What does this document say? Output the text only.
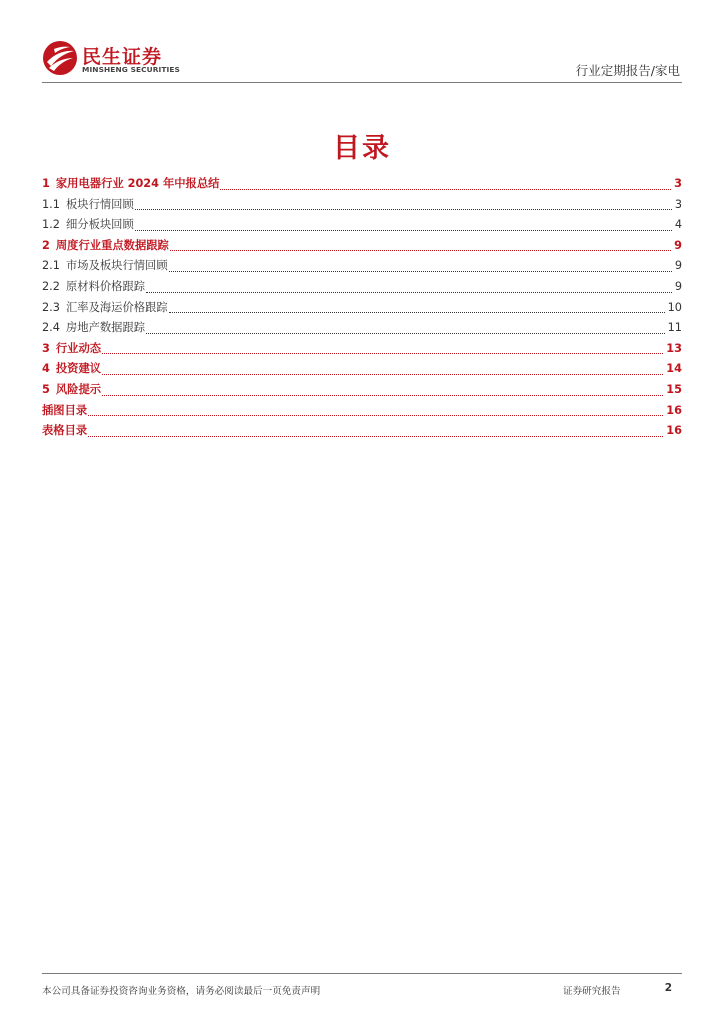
民生证券
MINSHENG SECURITIES	行业定期报告/家电
目录
1 家用电器行业 2024 年中报总结	3
1.1 板块行情回顾	3
1.2 细分板块回顾	4
2 周度行业重点数据跟踪	9
2.1 市场及板块行情回顾	9
2.2 原材料价格跟踪	9
2.3 汇率及海运价格跟踪	10
2.4 房地产数据跟踪	11
3 行业动态	13
4 投资建议	14
5 风险提示	15
插图目录	16
表格目录	16
本公司具备证券投资咨询业务资格，请务必阅读最后一页免责声明	证券研究报告	2
